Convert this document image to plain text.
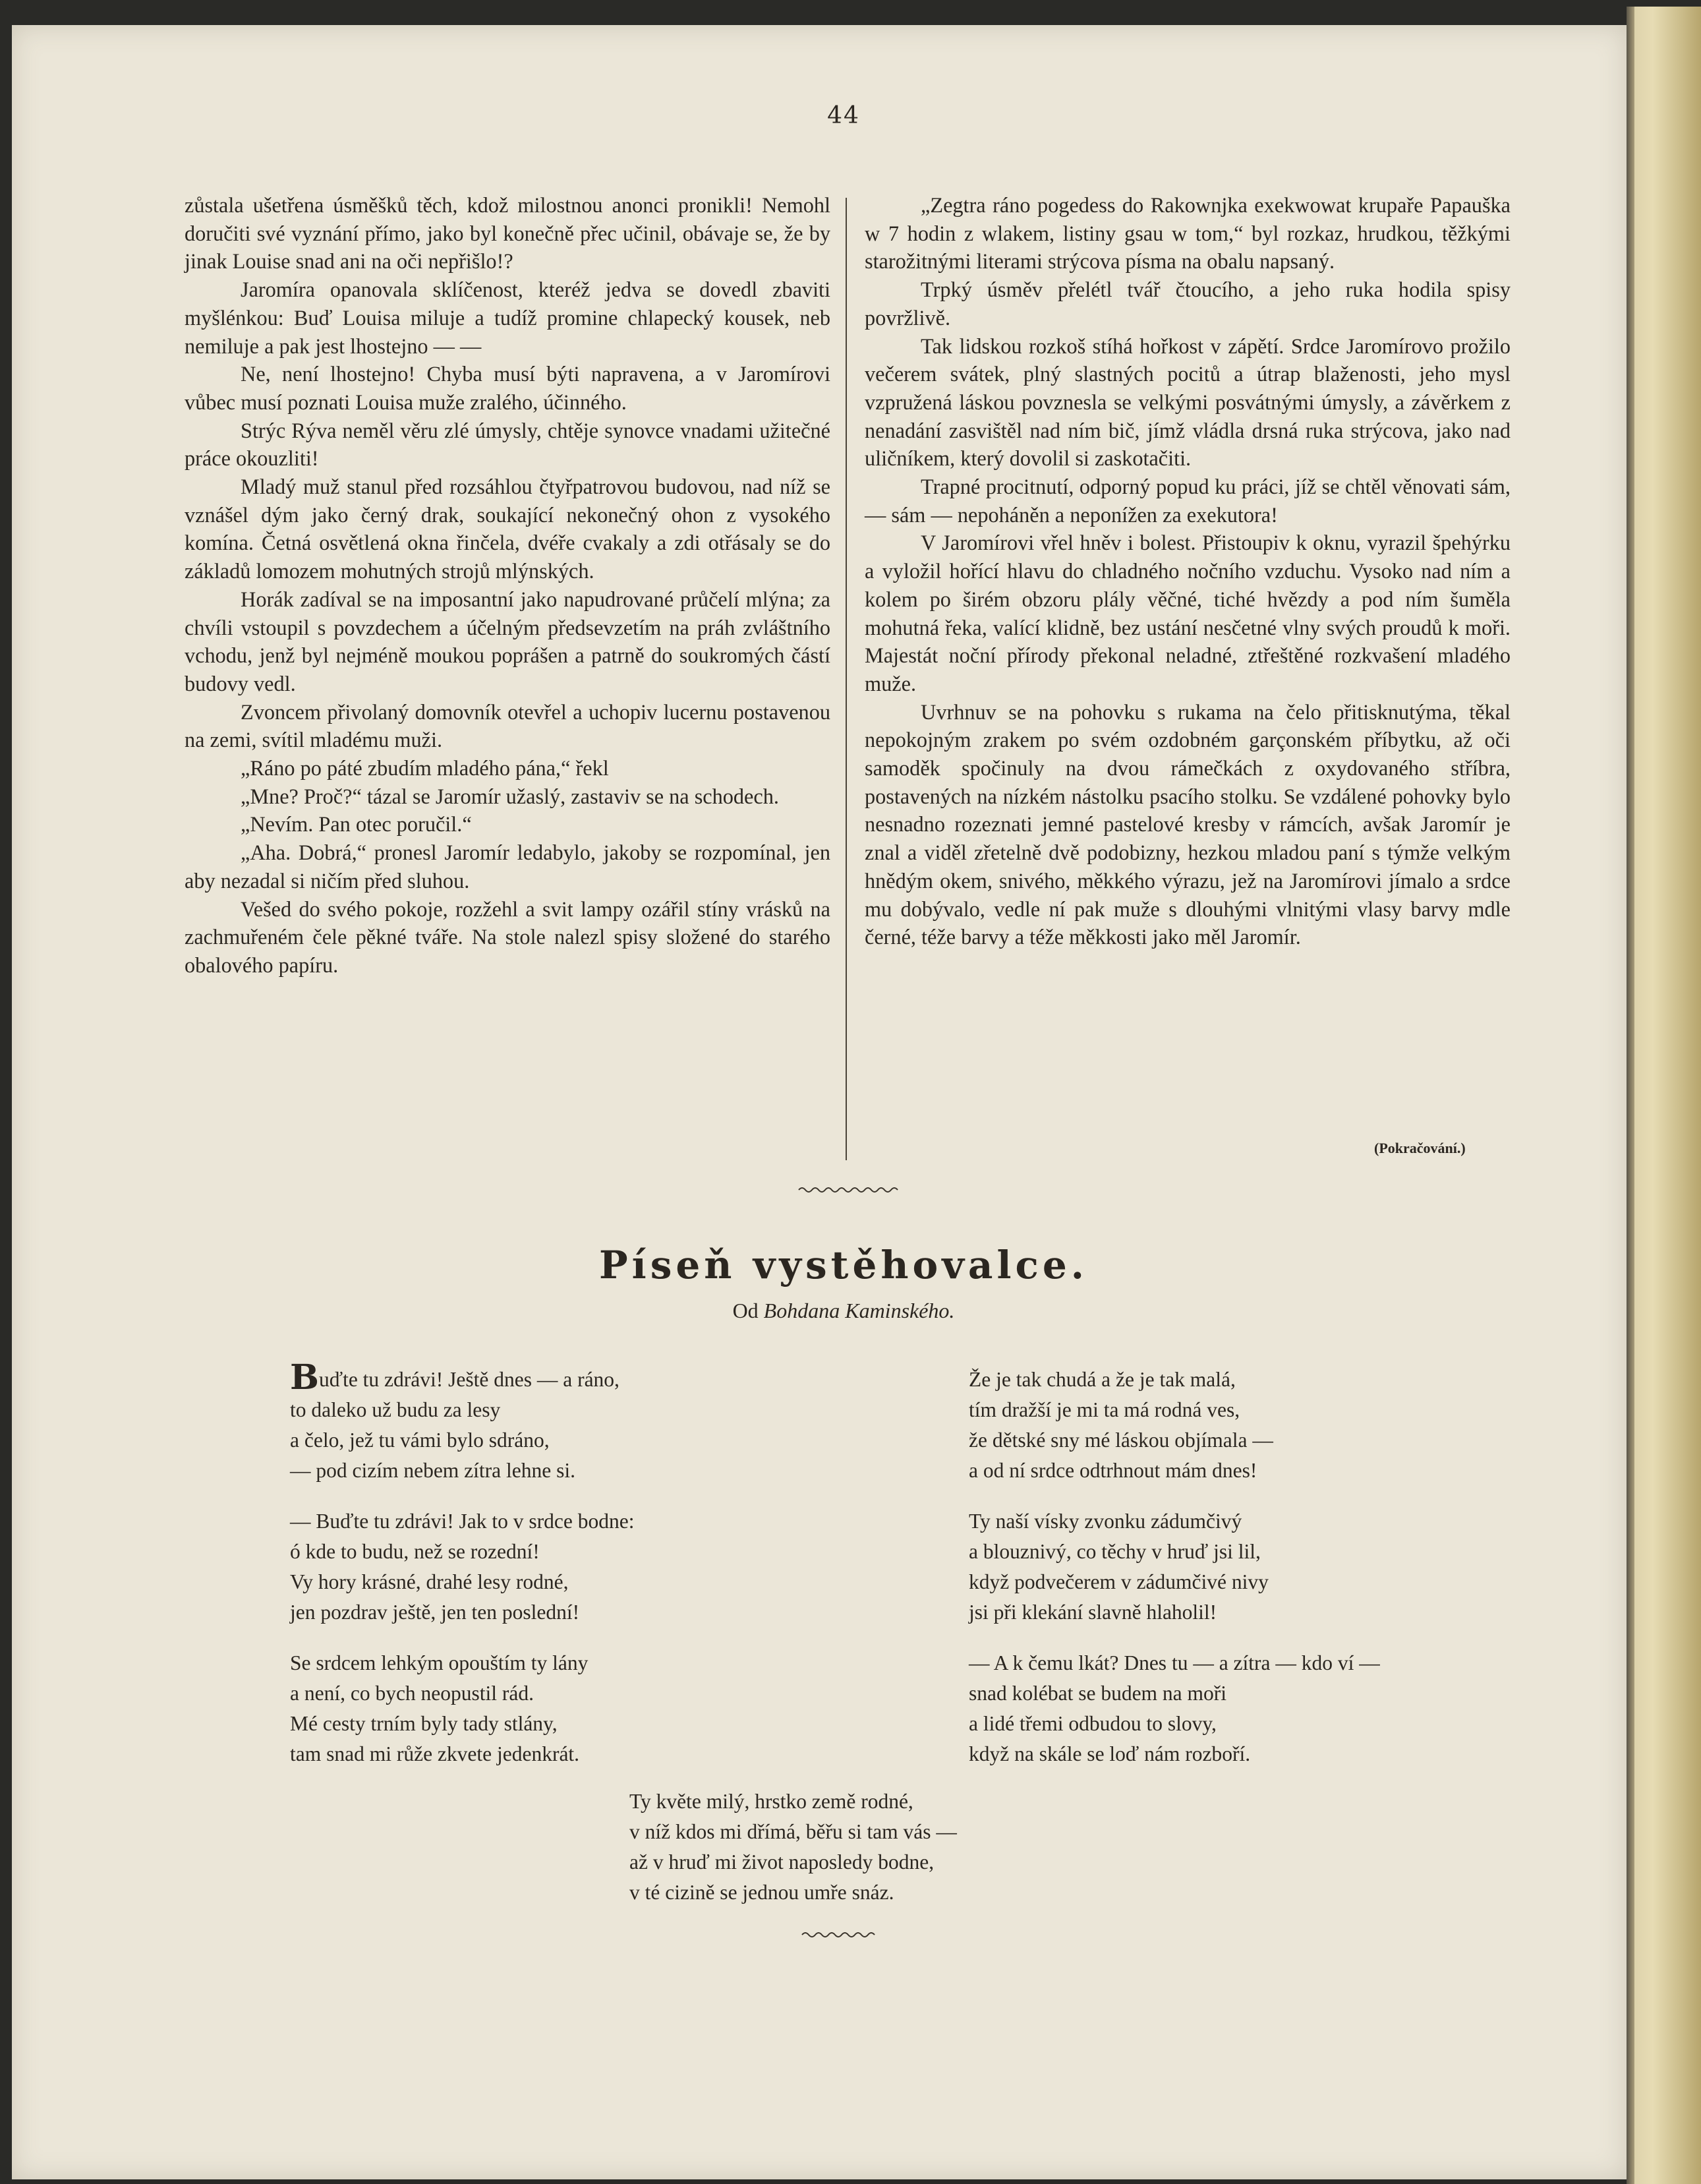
44

zůstala ušetřena úsměšků těch, kdož milostnou anonci pronikli! Nemohl doručiti své vyznání přímo, jako byl konečně přec učinil, obávaje se, že by jinak Louise snad ani na oči nepřišlo!?

Jaromíra opanovala sklíčenost, kteréž jedva se dovedl zbaviti myšlénkou: Buď Louisa miluje a tudíž promine chlapecký kousek, neb nemiluje a pak jest lhostejno — —

Ne, není lhostejno! Chyba musí býti napravena, a v Jaromírovi vůbec musí poznati Louisa muže zralého, účinného.

Strýc Rýva neměl věru zlé úmysly, chtěje synovce vnadami užitečné práce okouzliti!

Mladý muž stanul před rozsáhlou čtyřpatrovou budovou, nad níž se vznášel dým jako černý drak, soukající nekonečný ohon z vysokého komína. Četná osvětlená okna řinčela, dvéře cvakaly a zdi otřásaly se do základů lomozem mohutných strojů mlýnských.

Horák zadíval se na imposantní jako napudrované průčelí mlýna; za chvíli vstoupil s povzdechem a účelným předsevzetím na práh zvláštního vchodu, jenž byl nejméně moukou poprášen a patrně do soukromých částí budovy vedl.

Zvoncem přivolaný domovník otevřel a uchopiv lucernu postavenou na zemi, svítil mladému muži.

„Ráno po páté zbudím mladého pána,“ řekl

„Mne? Proč?“ tázal se Jaromír užaslý, zastaviv se na schodech.

„Nevím. Pan otec poručil.“

„Aha. Dobrá,“ pronesl Jaromír ledabylo, jakoby se rozpomínal, jen aby nezadal si ničím před sluhou.

Vešed do svého pokoje, rozžehl a svit lampy ozářil stíny vrásků na zachmuřeném čele pěkné tváře. Na stole nalezl spisy složené do starého obalového papíru.

„Zegtra ráno pogedess do Rakownjka exekwowat krupaře Papauška w 7 hodin z wlakem, listiny gsau w tom,“ byl rozkaz, hrudkou, těžkými starožitnými literami strýcova písma na obalu napsaný.

Trpký úsměv přelétl tvář čtoucího, a jeho ruka hodila spisy povržlivě.

Tak lidskou rozkoš stíhá hořkost v zápětí. Srdce Jaromírovo prožilo večerem svátek, plný slastných pocitů a útrap blaženosti, jeho mysl vzpružená láskou povznesla se velkými posvátnými úmysly, a závěrkem z nenadání zasvištěl nad ním bič, jímž vládla drsná ruka strýcova, jako nad uličníkem, který dovolil si zaskotačiti.

Trapné procitnutí, odporný popud ku práci, jíž se chtěl věnovati sám, — sám — nepoháněn a neponížen za exekutora!

V Jaromírovi vřel hněv i bolest. Přistoupiv k oknu, vyrazil špehýrku a vyložil hořící hlavu do chladného nočního vzduchu. Vysoko nad ním a kolem po širém obzoru plály věčné, tiché hvězdy a pod ním šuměla mohutná řeka, valící klidně, bez ustání nesčetné vlny svých proudů k moři. Majestát noční přírody překonal neladné, ztřeštěné rozkvašení mladého muže.

Uvrhnuv se na pohovku s rukama na čelo přitisknutýma, těkal nepokojným zrakem po svém ozdobném garçonském příbytku, až oči samoděk spočinuly na dvou rámečkách z oxydovaného stříbra, postavených na nízkém nástolku psacího stolku. Se vzdálené pohovky bylo nesnadno rozeznati jemné pastelové kresby v rámcích, avšak Jaromír je znal a viděl zřetelně dvě podobizny, hezkou mladou paní s týmže velkým hnědým okem, snivého, měkkého výrazu, jež na Jaromírovi jímalo a srdce mu dobývalo, vedle ní pak muže s dlouhými vlnitými vlasy barvy mdle černé, téže barvy a téže měkkosti jako měl Jaromír.

(Pokračování.)
Píseň vystěhovalce.
Od Bohdana Kaminského.
Buďte tu zdrávi! Ještě dnes — a ráno,
to daleko už budu za lesy
a čelo, jež tu vámi bylo sdráno,
— pod cizím nebem zítra lehne si.
— Buďte tu zdrávi! Jak to v srdce bodne:
ó kde to budu, než se rozední!
Vy hory krásné, drahé lesy rodné,
jen pozdrav ještě, jen ten poslední!
Se srdcem lehkým opouštím ty lány
a není, co bych neopustil rád.
Mé cesty trním byly tady stlány,
tam snad mi růže zkvete jedenkrát.
Že je tak chudá a že je tak malá,
tím dražší je mi ta má rodná ves,
že dětské sny mé láskou objímala —
a od ní srdce odtrhnout mám dnes!
Ty naší vísky zvonku zádumčivý
a blouznivý, co těchy v hruď jsi lil,
když podvečerem v zádumčivé nivy
jsi při klekání slavně hlaholil!
— A k čemu lkát? Dnes tu — a zítra — kdo ví —
snad kolébat se budem na moři
a lidé třemi odbudou to slovy,
když na skále se loď nám rozboří.
Ty květe milý, hrstko země rodné,
v níž kdos mi dřímá, běřu si tam vás —
až v hruď mi život naposledy bodne,
v té cizině se jednou umře snáz.
